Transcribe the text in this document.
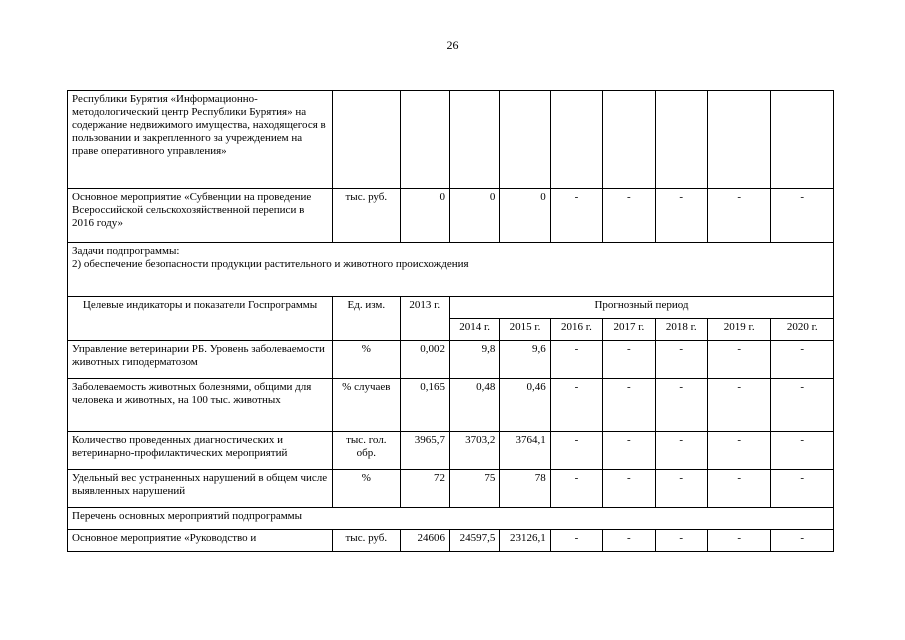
26
Республики Бурятия «Информационно-методологический центр Республики Бурятия» на содержание недвижимого имущества, находящегося в пользовании и закрепленного за учреждением на праве оперативного управления»									
Основное мероприятие «Субвенции на проведение Всероссийской сельскохозяйственной переписи в 2016 году»	тыс. руб.	0	0	0	-	-	-	-	-

Задачи подпрограммы:
2) обеспечение безопасности продукции растительного и животного происхождения									

Целевые индикаторы и показатели Госпрограммы	Ед. изм.	2013 г.	Прогнозный период						
			2014 г.	2015 г.	2016 г.	2017 г.	2018 г.	2019 г.	2020 г.
Управление ветеринарии РБ. Уровень заболеваемости животных гиподерматозом	%	0,002	9,8	9,6	-	-	-	-	-
Заболеваемость животных болезнями, общими для человека и животных, на 100 тыс. животных	% случаев	0,165	0,48	0,46	-	-	-	-	-
Количество проведенных диагностических и ветеринарно-профилактических мероприятий	тыс. гол. обр.	3965,7	3703,2	3764,1	-	-	-	-	-
Удельный вес устраненных нарушений в общем числе выявленных нарушений	%	72	75	78	-	-	-	-	-
Перечень основных мероприятий подпрограммы									
Основное мероприятие «Руководство и	тыс. руб.	24606	24597,5	23126,1	-	-	-	-	-
